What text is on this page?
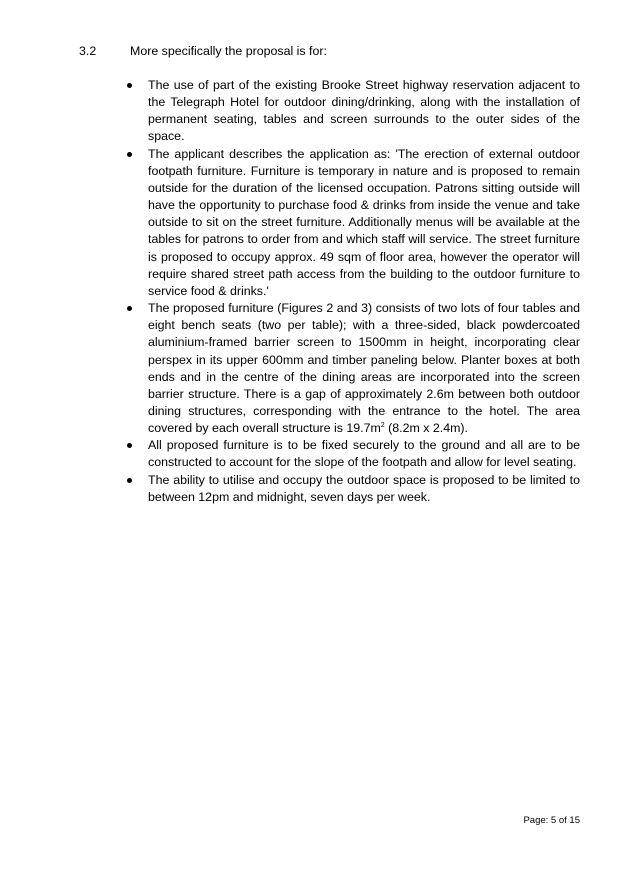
3.2	More specifically the proposal is for:
The use of part of the existing Brooke Street highway reservation adjacent to the Telegraph Hotel for outdoor dining/drinking, along with the installation of permanent seating, tables and screen surrounds to the outer sides of the space.
The applicant describes the application as: 'The erection of external outdoor footpath furniture. Furniture is temporary in nature and is proposed to remain outside for the duration of the licensed occupation. Patrons sitting outside will have the opportunity to purchase food & drinks from inside the venue and take outside to sit on the street furniture. Additionally menus will be available at the tables for patrons to order from and which staff will service. The street furniture is proposed to occupy approx. 49 sqm of floor area, however the operator will require shared street path access from the building to the outdoor furniture to service food & drinks.'
The proposed furniture (Figures 2 and 3) consists of two lots of four tables and eight bench seats (two per table); with a three-sided, black powdercoated aluminium-framed barrier screen to 1500mm in height, incorporating clear perspex in its upper 600mm and timber paneling below. Planter boxes at both ends and in the centre of the dining areas are incorporated into the screen barrier structure. There is a gap of approximately 2.6m between both outdoor dining structures, corresponding with the entrance to the hotel. The area covered by each overall structure is $19.7m^2$ (8.2m x 2.4m).
All proposed furniture is to be fixed securely to the ground and all are to be constructed to account for the slope of the footpath and allow for level seating.
The ability to utilise and occupy the outdoor space is proposed to be limited to between 12pm and midnight, seven days per week.
Page: 5 of 15
